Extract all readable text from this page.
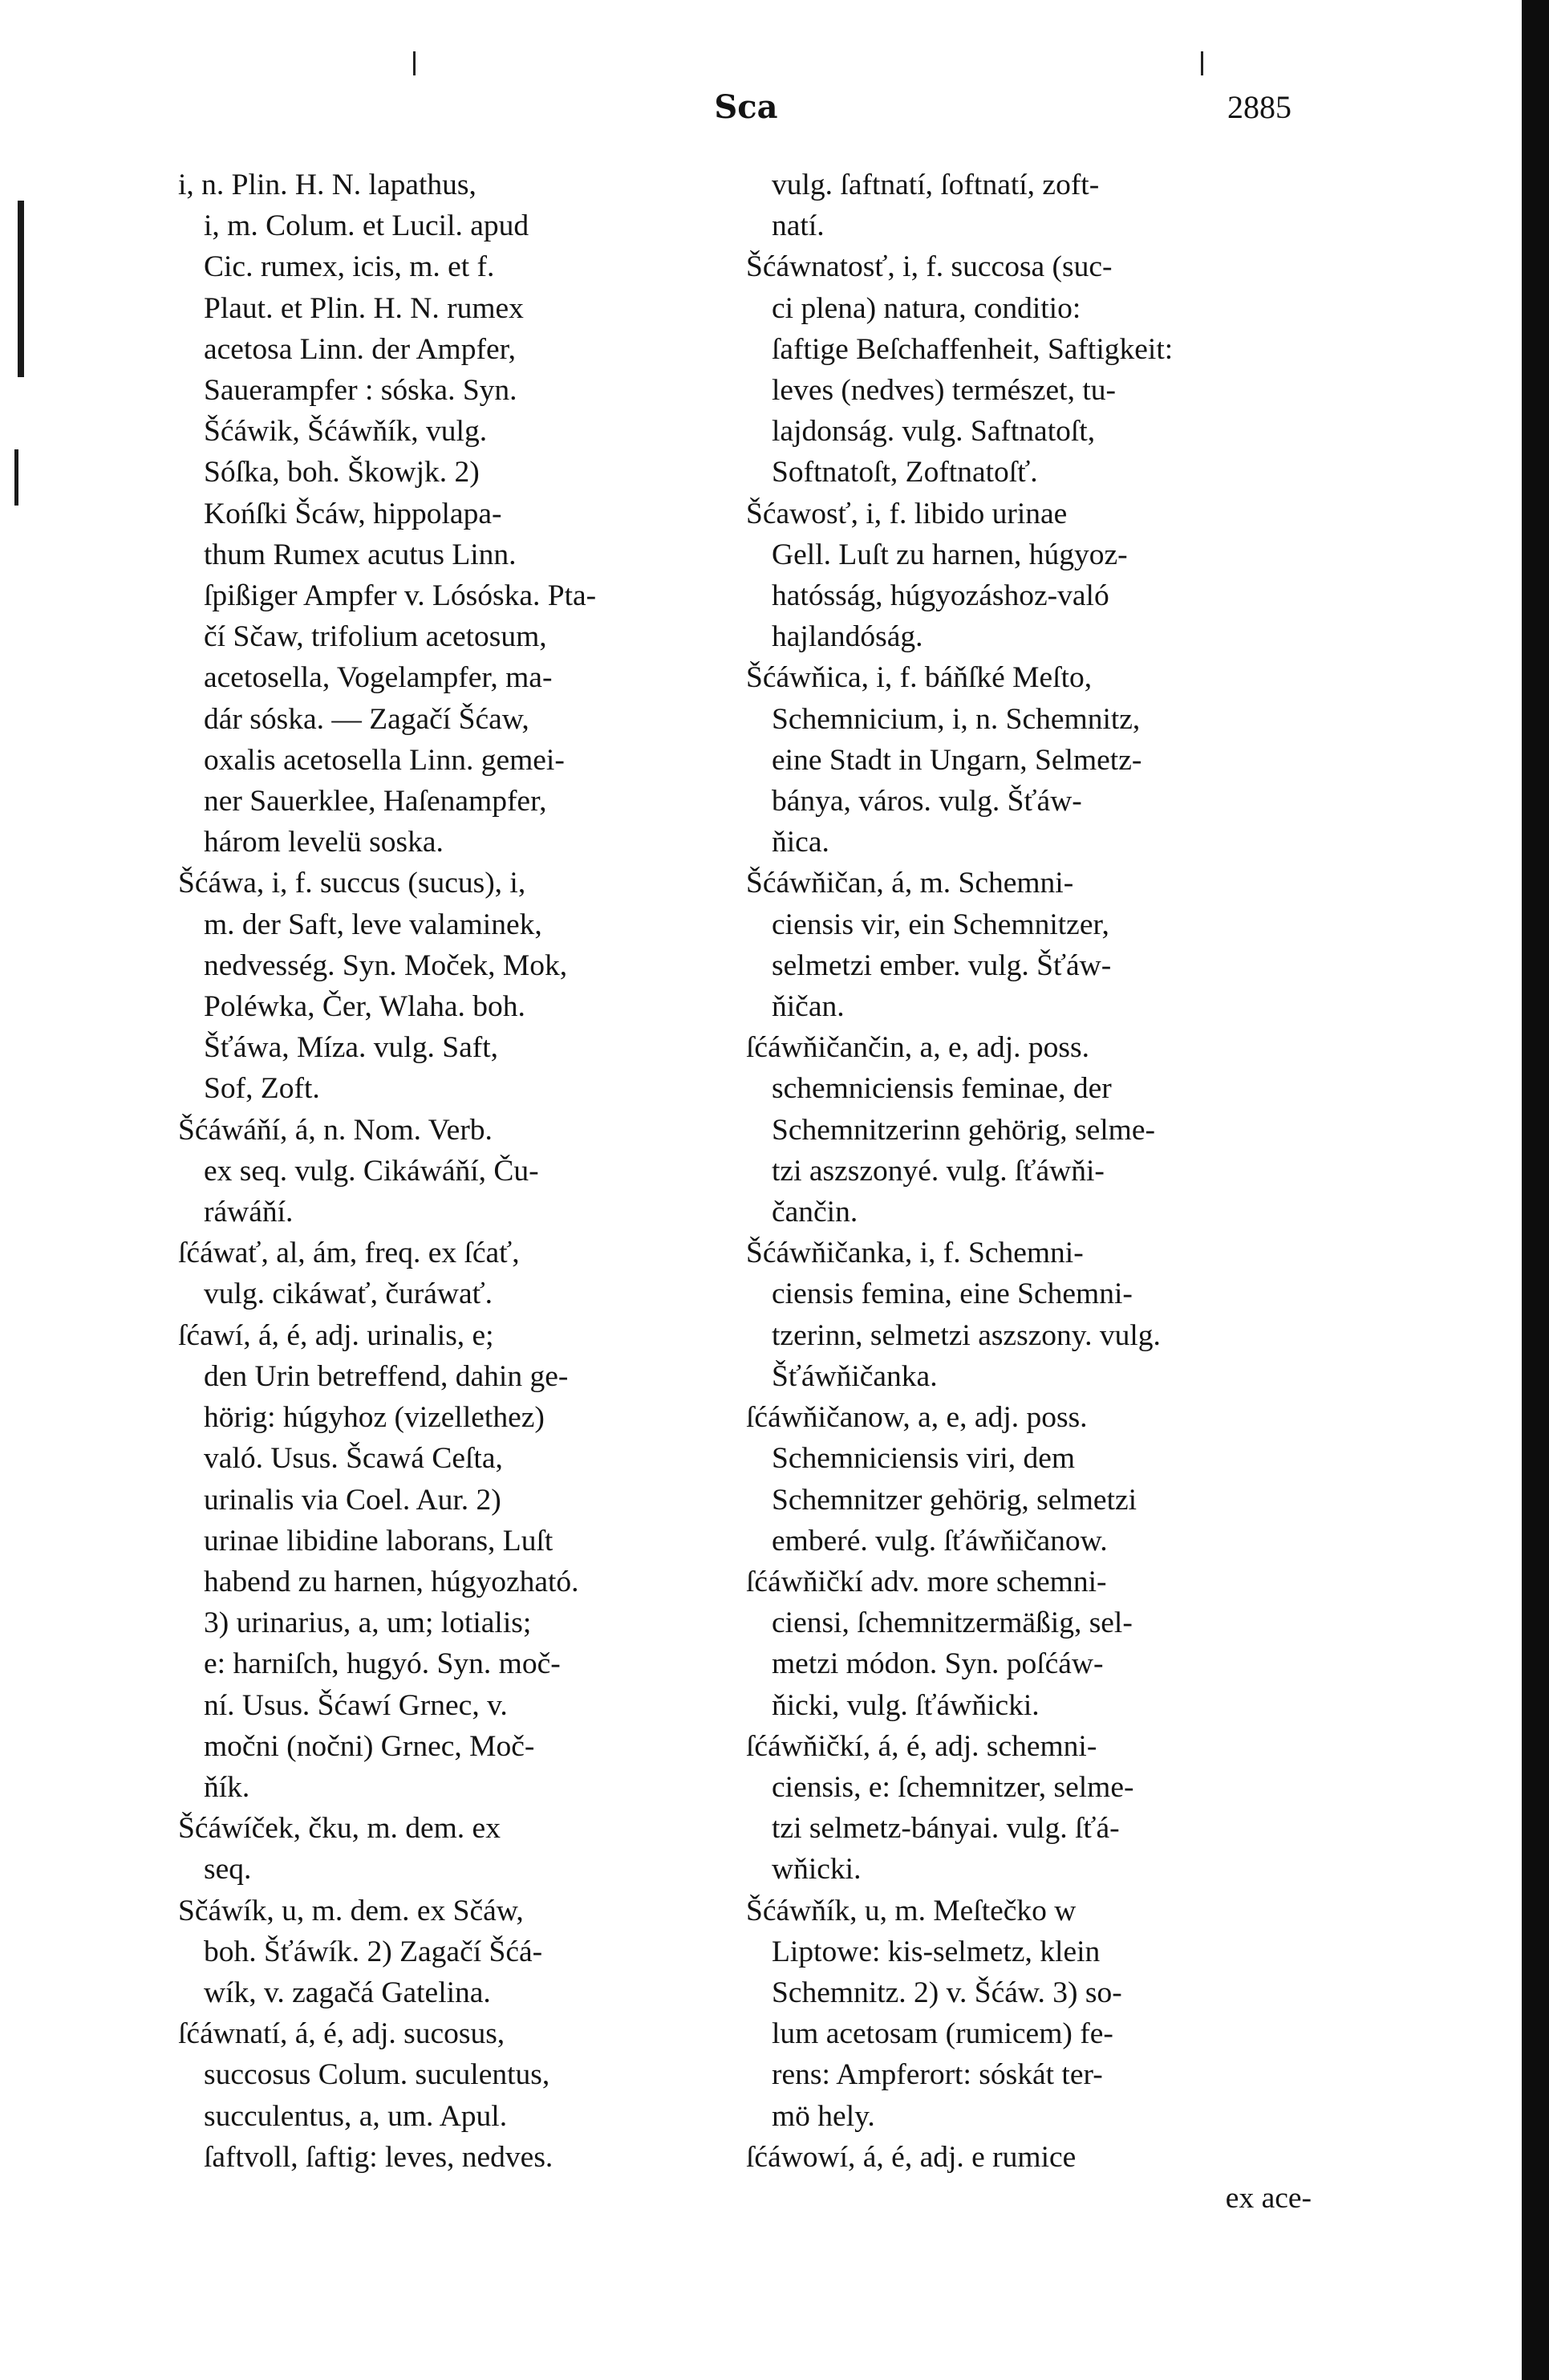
Sca	2885
i, n. Plin. H. N. lapathus,
i, m. Colum. et Lucil. apud
Cic. rumex, icis, m. et f.
Plaut. et Plin. H. N. rumex
acetosa Linn. der Ampfer,
Sauerampfer : sóska. Syn.
Šćáwik, Šćáwňík, vulg.
Sóſka, boh. Škowjk. 2)
Końſki Šcáw, hippolapa-
thum Rumex acutus Linn.
ſpißiger Ampfer v. Lósóska. Pta-
čí Sčaw, trifolium acetosum,
acetosella, Vogelampfer, ma-
dár sóska. — Zagačí Šćaw,
oxalis acetosella Linn. gemei-
ner Sauerklee, Haſenampfer,
három levelü soska.
Šćáwa, i, f. succus (sucus), i,
m. der Saft, leve valaminek,
nedvesség. Syn. Moček, Mok,
Poléwka, Čer, Wlaha. boh.
Šťáwa, Míza. vulg. Saft,
Sof, Zoft.
Šćáwáňí, á, n. Nom. Verb.
ex seq. vulg. Cikáwáňí, Ču-
ráwáňí.
ſćáwať, al, ám, freq. ex ſćať,
vulg. cikáwať, čuráwať.
ſćawí, á, é, adj. urinalis, e;
den Urin betreffend, dahin ge-
hörig: húgyhoz (vizellethez)
való. Usus. Šcawá Ceſta,
urinalis via Coel. Aur. 2)
urinae libidine laborans, Luſt
habend zu harnen, húgyozható.
3) urinarius, a, um; lotialis;
e: harniſch, hugyó. Syn. moč-
ní. Usus. Šćawí Grnec, v.
močni (nočni) Grnec, Moč-
ňík.
Šćáwíček, čku, m. dem. ex
seq.
Sčáwík, u, m. dem. ex Sčáw,
boh. Šťáwík. 2) Zagačí Šćá-
wík, v. zagačá Gatelina.
ſćáwnatí, á, é, adj. sucosus,
succosus Colum. suculentus,
succulentus, a, um. Apul.
ſaftvoll, ſaftig: leves, nedves.
vulg. ſaftnatí, ſoftnatí, zoft-
natí.
Šćáwnatosť, i, f. succosa (suc-
ci plena) natura, conditio:
ſaftige Beſchaffenheit, Saftigkeit:
leves (nedves) természet, tu-
lajdonság. vulg. Saftnatoſt,
Softnatoſt, Zoftnatoſť.
Šćawosť, i, f. libido urinae
Gell. Luſt zu harnen, húgyoz-
hatósság, húgyozáshoz-való
hajlandóság.
Šćáwňica, i, f. báňſké Meſto,
Schemnicium, i, n. Schemnitz,
eine Stadt in Ungarn, Selmetz-
bánya, város. vulg. Šťáw-
ňica.
Šćáwňičan, á, m. Schemni-
ciensis vir, ein Schemnitzer,
selmetzi ember. vulg. Šťáw-
ňičan.
ſćáwňičančin, a, e, adj. poss.
schemniciensis feminae, der
Schemnitzerinn gehörig, selme-
tzi aszszonyé. vulg. ſťáwňi-
čančin.
Šćáwňičanka, i, f. Schemni-
ciensis femina, eine Schemni-
tzerinn, selmetzi aszszony. vulg.
Šťáwňičanka.
ſćáwňičanow, a, e, adj. poss.
Schemniciensis viri, dem
Schemnitzer gehörig, selmetzi
emberé. vulg. ſťáwňičanow.
ſćáwňičkí adv. more schemni-
ciensi, ſchemnitzermäßig, sel-
metzi módon. Syn. poſćáw-
ňicki, vulg. ſťáwňicki.
ſćáwňičkí, á, é, adj. schemni-
ciensis, e: ſchemnitzer, selme-
tzi selmetz-bányai. vulg. ſťá-
wňicki.
Šćáwňík, u, m. Meſtečko w
Liptowe: kis-selmetz, klein
Schemnitz. 2) v. Šćáw. 3) so-
lum acetosam (rumicem) fe-
rens: Ampferort: sóskát ter-
mö hely.
ſćáwowí, á, é, adj. e rumice
ex ace-
